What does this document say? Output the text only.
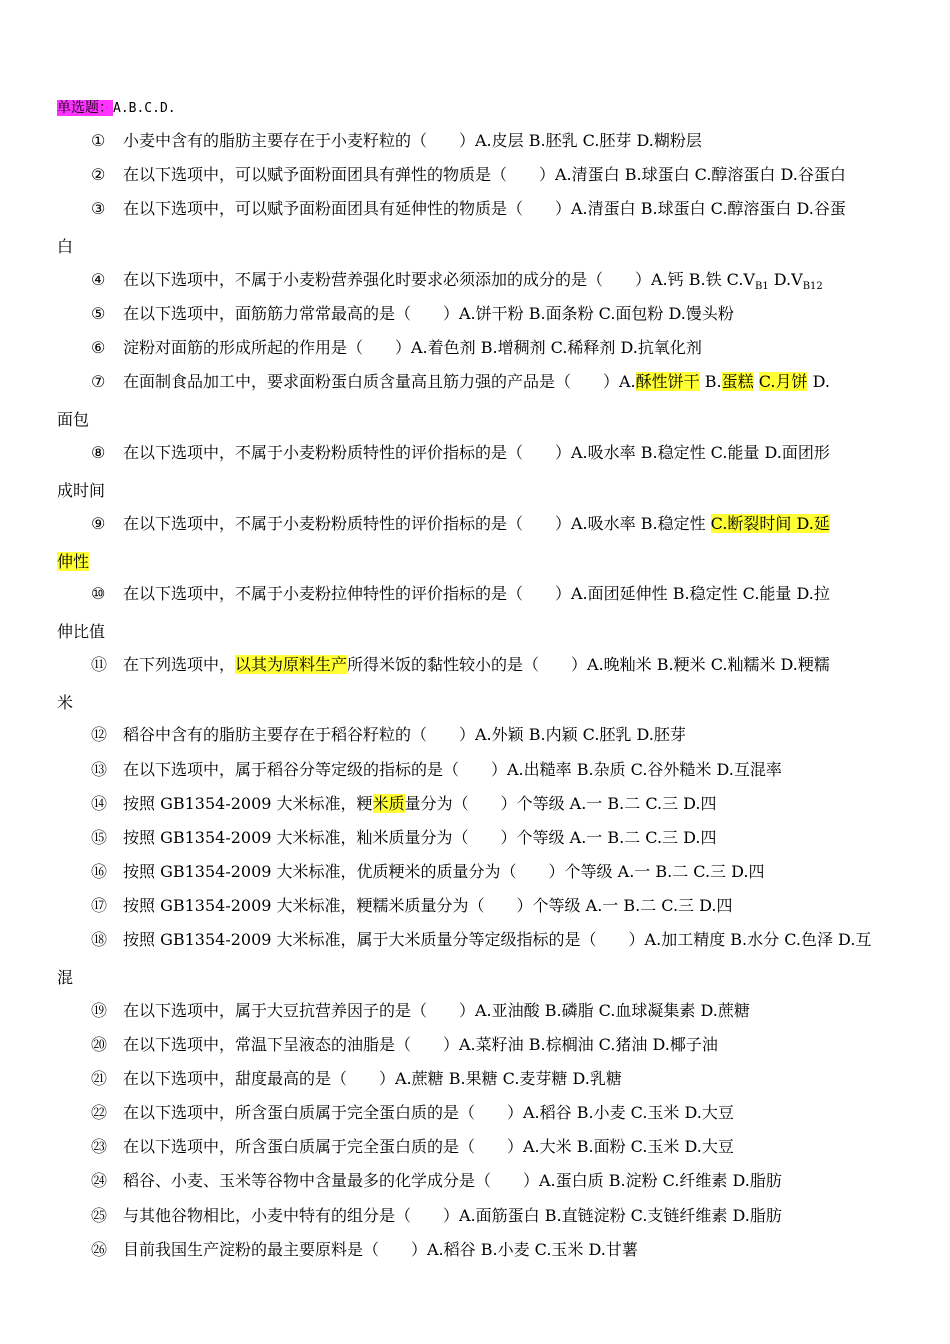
单选题：A.B.C.D.
① 小麦中含有的脂肪主要存在于小麦籽粒的（　　）A.皮层 B.胚乳 C.胚芽 D.糊粉层
② 在以下选项中，可以赋予面粉面团具有弹性的物质是（　　）A.清蛋白 B.球蛋白 C.醇溶蛋白 D.谷蛋白
③ 在以下选项中，可以赋予面粉面团具有延伸性的物质是（　　）A.清蛋白 B.球蛋白 C.醇溶蛋白 D.谷蛋
白
④ 在以下选项中，不属于小麦粉营养强化时要求必须添加的成分的是（　　）A.钙 B.铁 $C.V_{B1}$ $D.V_{B12}$
⑤ 在以下选项中，面筋筋力常常最高的是（　　）A.饼干粉 B.面条粉 C.面包粉 D.馒头粉
⑥ 淀粉对面筋的形成所起的作用是（　　）A.着色剂 B.增稠剂 C.稀释剂 D.抗氧化剂
⑦ 在面制食品加工中，要求面粉蛋白质含量高且筋力强的产品是（　　）A.酥性饼干 B.蛋糕 C.月饼 D.
面包
⑧ 在以下选项中，不属于小麦粉粉质特性的评价指标的是（　　）A.吸水率 B.稳定性 C.能量 D.面团形
成时间
⑨ 在以下选项中，不属于小麦粉粉质特性的评价指标的是（　　）A.吸水率 B.稳定性 C.断裂时间 D.延
伸性
⑩ 在以下选项中，不属于小麦粉拉伸特性的评价指标的是（　　）A.面团延伸性 B.稳定性 C.能量 D.拉
伸比值
⑪ 在下列选项中，以其为原料生产所得米饭的黏性较小的是（　　）A.晚籼米 B.粳米 C.籼糯米 D.粳糯
米
⑫ 稻谷中含有的脂肪主要存在于稻谷籽粒的（　　）A.外颖 B.内颖 C.胚乳 D.胚芽
⑬ 在以下选项中，属于稻谷分等定级的指标的是（　　）A.出糙率 B.杂质 C.谷外糙米 D.互混率
⑭ 按照 GB1354-2009 大米标准，粳米质量分为（　　）个等级 A.一 B.二 C.三 D.四
⑮ 按照 GB1354-2009 大米标准，籼米质量分为（　　）个等级 A.一 B.二 C.三 D.四
⑯ 按照 GB1354-2009 大米标准，优质粳米的质量分为（　　）个等级 A.一 B.二 C.三 D.四
⑰ 按照 GB1354-2009 大米标准，粳糯米质量分为（　　）个等级 A.一 B.二 C.三 D.四
⑱ 按照 GB1354-2009 大米标准，属于大米质量分等定级指标的是（　　）A.加工精度 B.水分 C.色泽 D.互
混
⑲ 在以下选项中，属于大豆抗营养因子的是（　　）A.亚油酸 B.磷脂 C.血球凝集素 D.蔗糖
⑳ 在以下选项中，常温下呈液态的油脂是（　　）A.菜籽油 B.棕榈油 C.猪油 D.椰子油
㉑ 在以下选项中，甜度最高的是（　　）A.蔗糖 B.果糖 C.麦芽糖 D.乳糖
㉒ 在以下选项中，所含蛋白质属于完全蛋白质的是（　　）A.稻谷 B.小麦 C.玉米 D.大豆
㉓ 在以下选项中，所含蛋白质属于完全蛋白质的是（　　）A.大米 B.面粉 C.玉米 D.大豆
㉔ 稻谷、小麦、玉米等谷物中含量最多的化学成分是（　　）A.蛋白质 B.淀粉 C.纤维素 D.脂肪
㉕ 与其他谷物相比，小麦中特有的组分是（　　）A.面筋蛋白 B.直链淀粉 C.支链纤维素 D.脂肪
㉖ 目前我国生产淀粉的最主要原料是（　　）A.稻谷 B.小麦 C.玉米 D.甘薯
